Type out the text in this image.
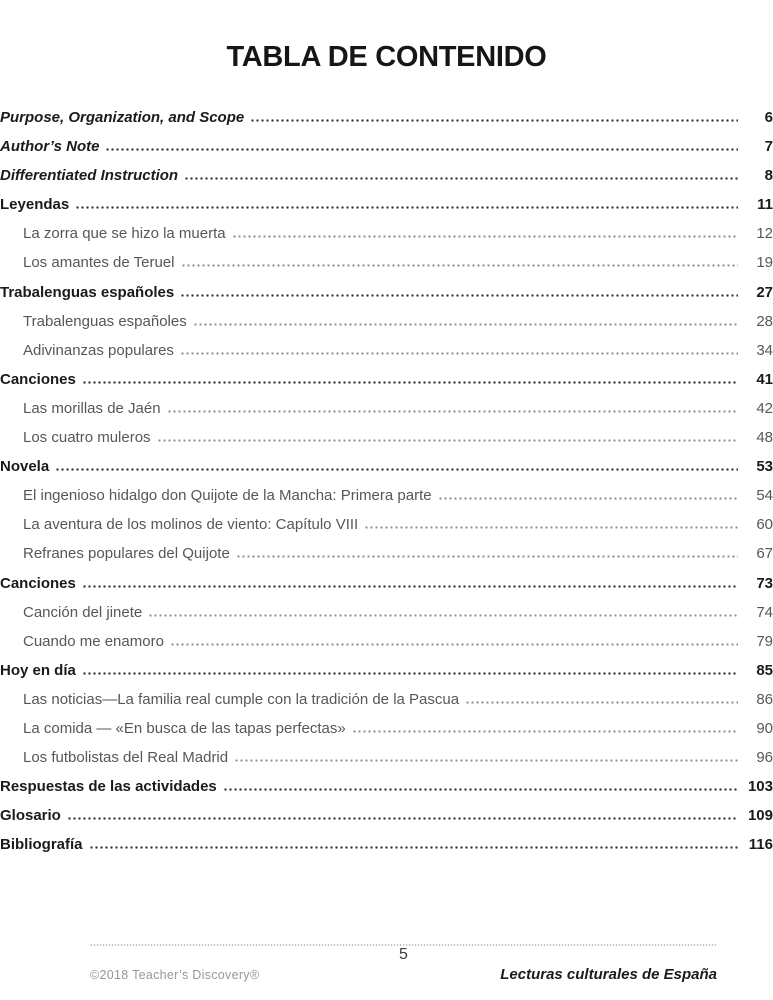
TABLA DE CONTENIDO
Purpose, Organization, and Scope	6
Author’s Note	7
Differentiated Instruction	8
Leyendas	11
La zorra que se hizo la muerta	12
Los amantes de Teruel	19
Trabalenguas españoles	27
Trabalenguas españoles	28
Adivinanzas populares	34
Canciones	41
Las morillas de Jaén	42
Los cuatro muleros	48
Novela	53
El ingenioso hidalgo don Quijote de la Mancha: Primera parte	54
La aventura de los molinos de viento: Capítulo VIII	60
Refranes populares del Quijote	67
Canciones	73
Canción del jinete	74
Cuando me enamoro	79
Hoy en día	85
Las noticias—La familia real cumple con la tradición de la Pascua	86
La comida — «En busca de las tapas perfectas»	90
Los futbolistas del Real Madrid	96
Respuestas de las actividades	103
Glosario	109
Bibliografía	116
5
©2018 Teacher’s Discovery®	Lecturas culturales de España
